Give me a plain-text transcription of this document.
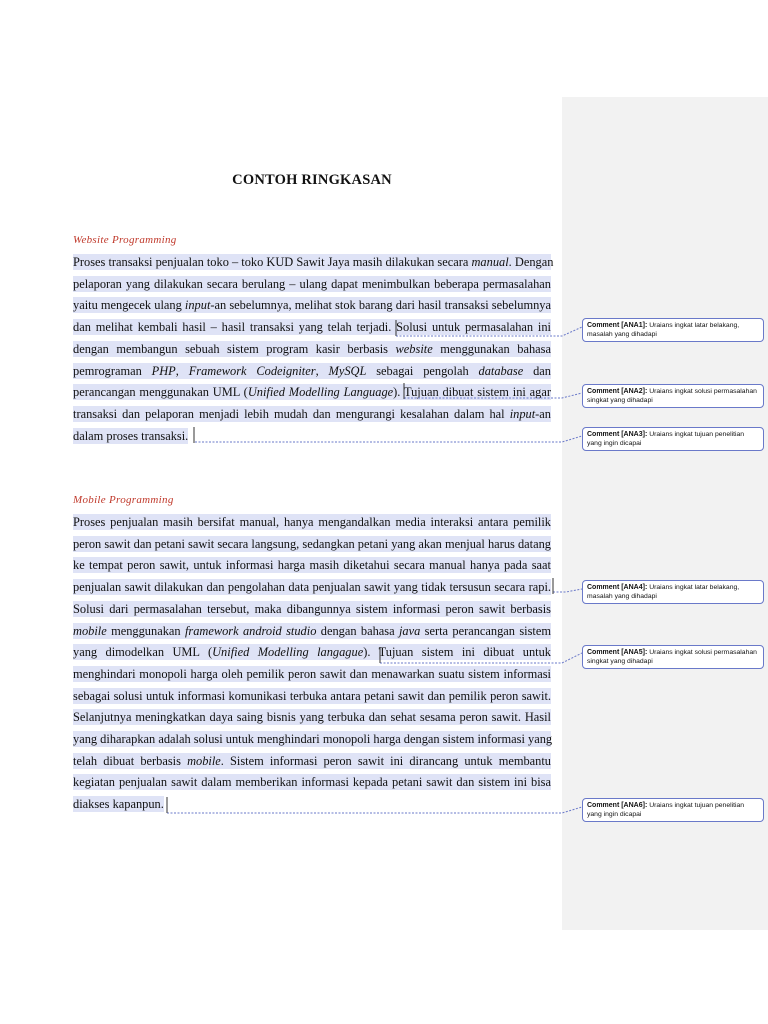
CONTOH RINGKASAN
Website Programming
Proses transaksi penjualan toko – toko KUD Sawit Jaya masih dilakukan secara manual. Dengan
pelaporan yang dilakukan secara berulang – ulang dapat menimbulkan beberapa permasalahan
yaitu mengecek ulang input-an sebelumnya, melihat stok barang dari hasil transaksi sebelumnya
dan melihat kembali hasil – hasil transaksi yang telah terjadi. Solusi untuk permasalahan ini
dengan membangun sebuah sistem program kasir berbasis website menggunakan bahasa
pemrograman PHP, Framework Codeigniter, MySQL sebagai pengolah database dan
perancangan menggunakan UML (Unified Modelling Language). Tujuan dibuat sistem ini agar
transaksi dan pelaporan menjadi lebih mudah dan mengurangi kesalahan dalam hal input-an
dalam proses transaksi.
Mobile Programming
Proses penjualan masih bersifat manual, hanya mengandalkan media interaksi antara pemilik
peron sawit dan petani sawit secara langsung, sedangkan petani yang akan menjual harus datang
ke tempat peron sawit, untuk informasi harga masih diketahui secara manual hanya pada saat
penjualan sawit dilakukan dan pengolahan data penjualan sawit yang tidak tersusun secara rapi.
Solusi dari permasalahan tersebut, maka dibangunnya sistem informasi peron sawit berbasis
mobile menggunakan framework android studio dengan bahasa java serta perancangan sistem
yang dimodelkan UML (Unified Modelling langague). Tujuan sistem ini dibuat untuk
menghindari monopoli harga oleh pemilik peron sawit dan menawarkan suatu sistem informasi
sebagai solusi untuk informasi komunikasi terbuka antara petani sawit dan pemilik peron sawit.
Selanjutnya meningkatkan daya saing bisnis yang terbuka dan sehat sesama peron sawit. Hasil
yang diharapkan adalah solusi untuk menghindari monopoli harga dengan sistem informasi yang
telah dibuat berbasis mobile. Sistem informasi peron sawit ini dirancang untuk membantu
kegiatan penjualan sawit dalam memberikan informasi kepada petani sawit dan sistem ini bisa
diakses kapanpun.
Comment [ANA1]: Uraians ingkat latar belakang, masalah yang dihadapi
Comment [ANA2]: Uraians ingkat solusi permasalahan singkat yang dihadapi
Comment [ANA3]: Uraians ingkat tujuan penelitian yang ingin dicapai
Comment [ANA4]: Uraians ingkat latar belakang, masalah yang dihadapi
Comment [ANA5]: Uraians ingkat solusi permasalahan singkat yang dihadapi
Comment [ANA6]: Uraians ingkat tujuan penelitian yang ingin dicapai
